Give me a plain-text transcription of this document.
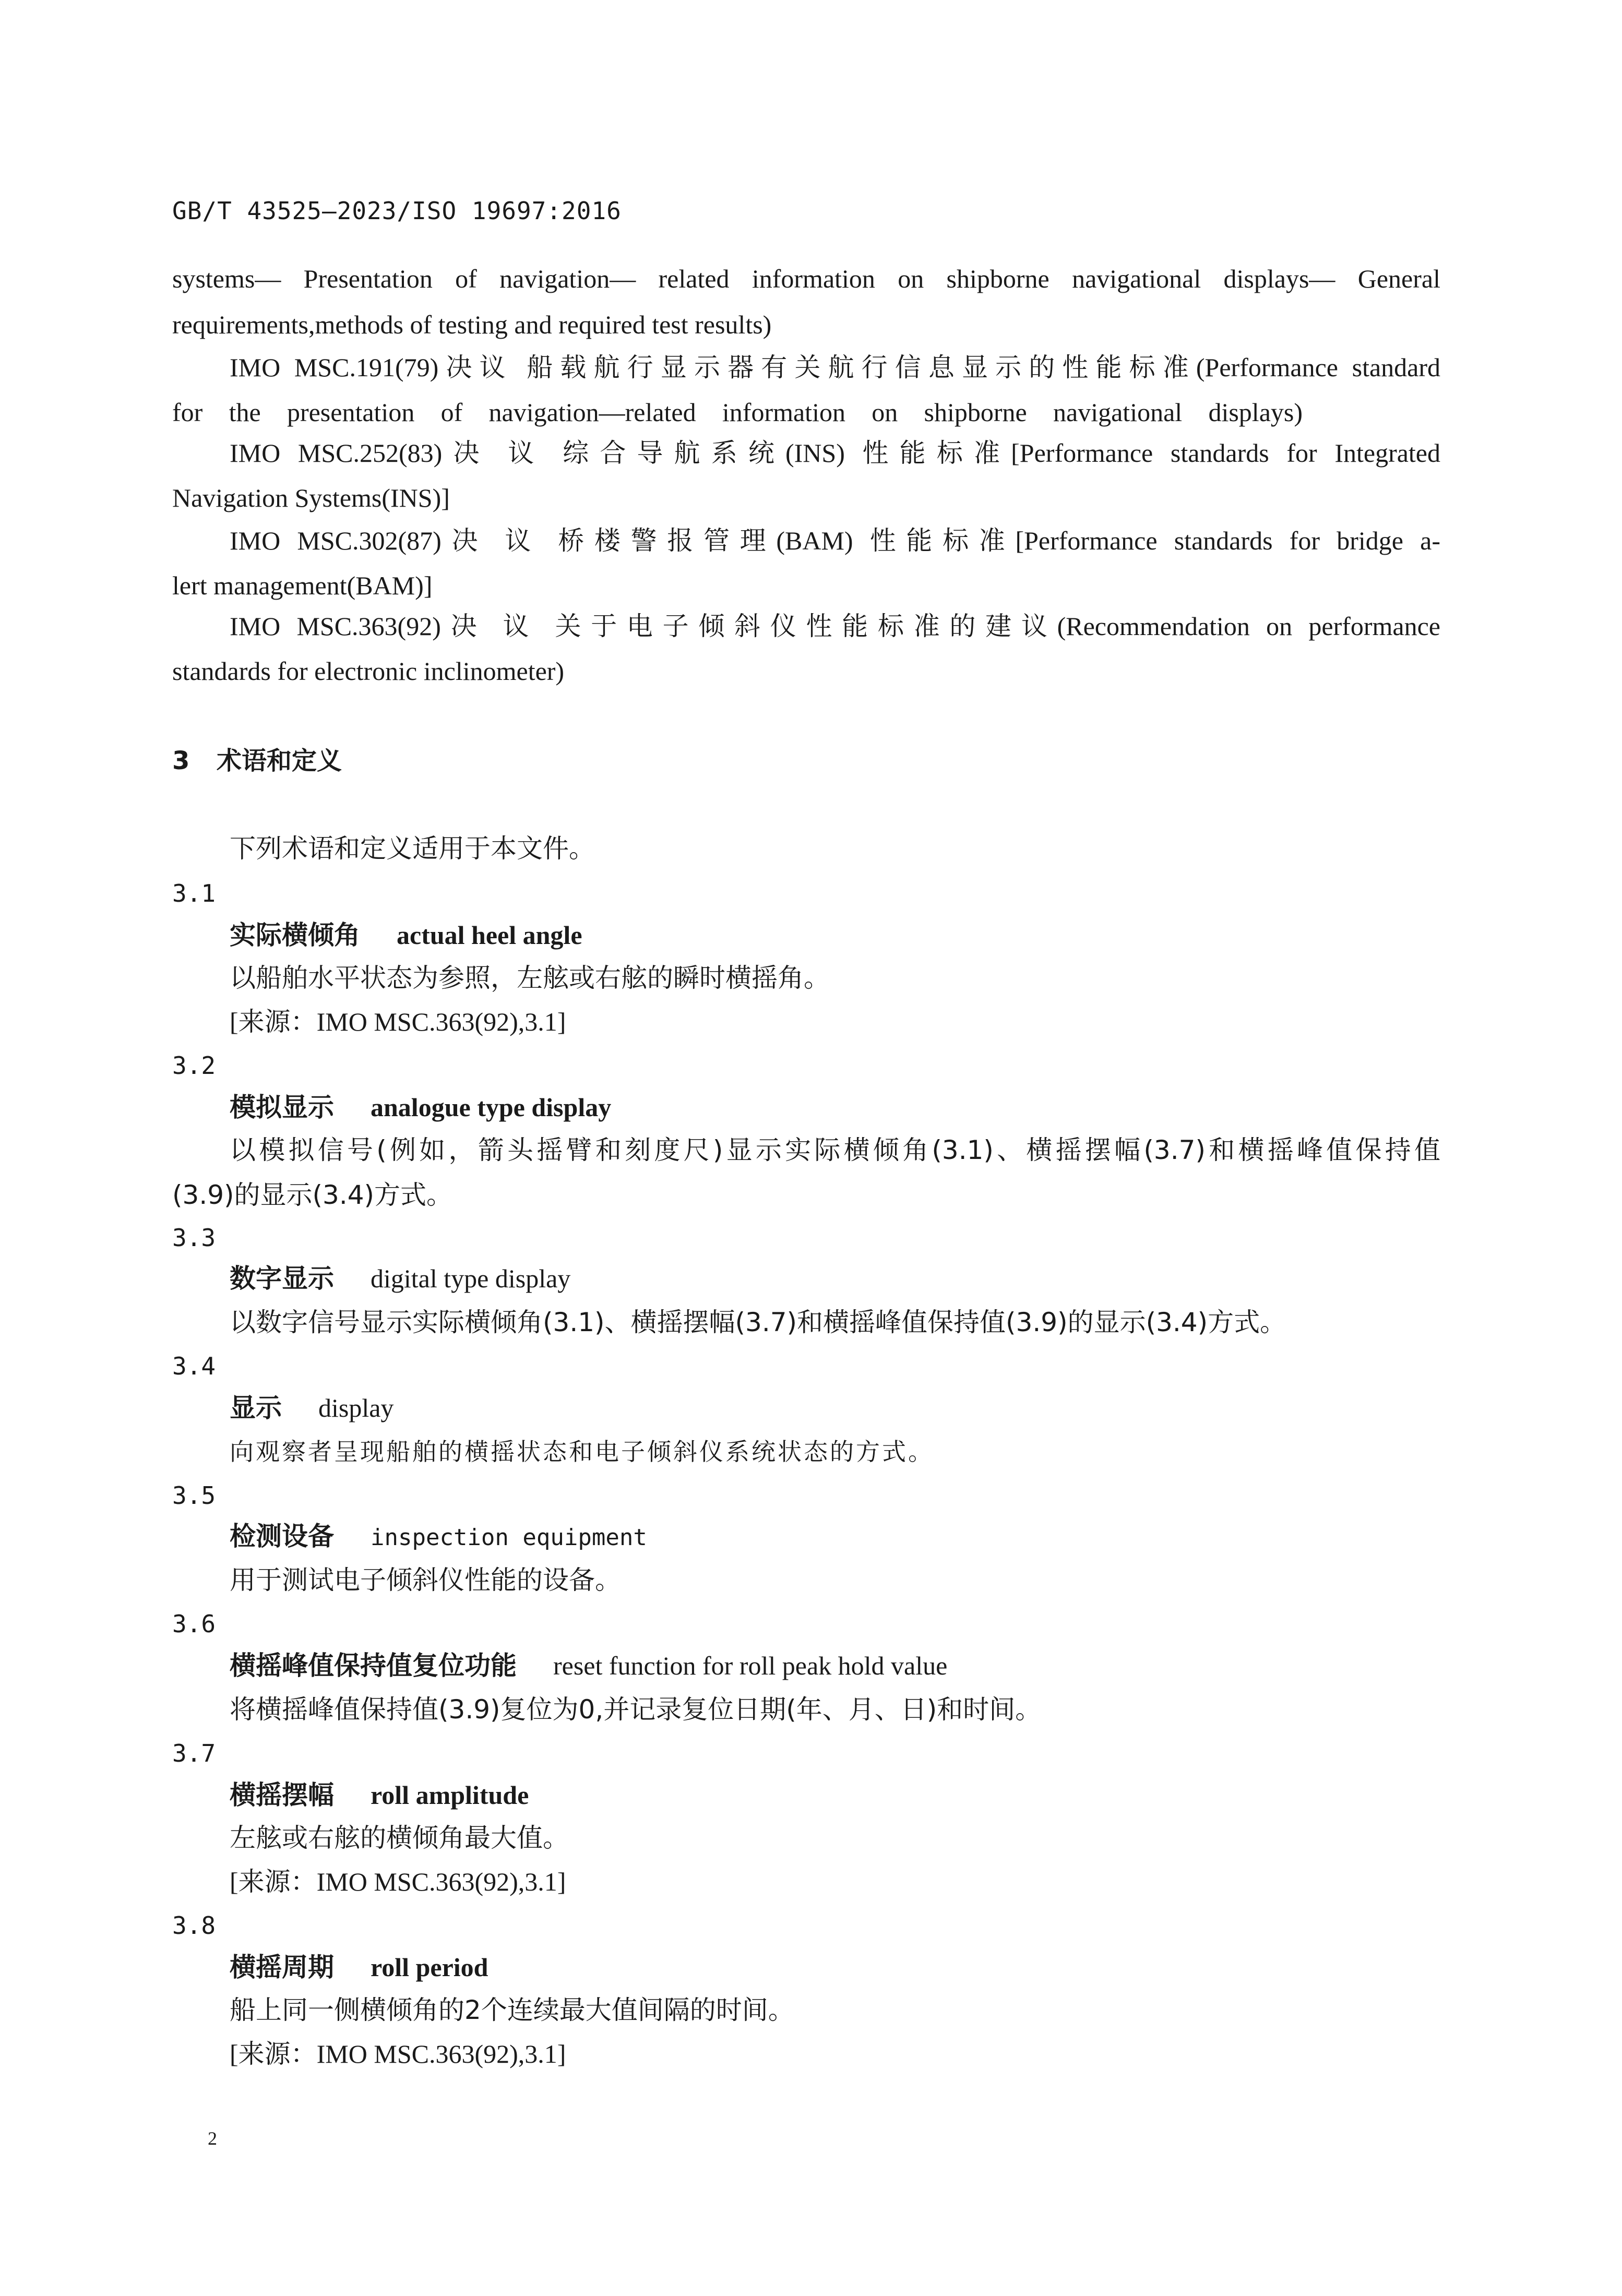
GB/T 43525—2023/ISO 19697:2016
systems— Presentation of navigation— related information on shipborne navigational displays— General
requirements,methods of testing and required test results)
IMO MSC.191(79)决议 船载航行显示器有关航行信息显示的性能标准(Performance standard
for the presentation of navigation—related information on shipborne navigational displays)
IMO MSC.252(83)决 议 综合导航系统(INS) 性能标准[Performance standards for Integrated
Navigation Systems(INS)]
IMO MSC.302(87)决 议 桥楼警报管理(BAM) 性能标准[Performance standards for bridge a-
lert management(BAM)]
IMO MSC.363(92)决 议 关于电子倾斜仪性能标准的建议(Recommendation on performance
standards for electronic inclinometer)
3 术语和定义
下列术语和定义适用于本文件。
3.1
实际横倾角 actual heel angle
以船舶水平状态为参照，左舷或右舷的瞬时横摇角。
[来源：IMO MSC.363(92),3.1]
3.2
模拟显示 analogue type display
以模拟信号(例如，箭头摇臂和刻度尺)显示实际横倾角(3.1)、横摇摆幅(3.7)和横摇峰值保持值
(3.9)的显示(3.4)方式。
3.3
数字显示 digital type display
以数字信号显示实际横倾角(3.1)、横摇摆幅(3.7)和横摇峰值保持值(3.9)的显示(3.4)方式。
3.4
显示 display
向观察者呈现船舶的横摇状态和电子倾斜仪系统状态的方式。
3.5
检测设备 inspection equipment
用于测试电子倾斜仪性能的设备。
3.6
横摇峰值保持值复位功能 reset function for roll peak hold value
将横摇峰值保持值(3.9)复位为0,并记录复位日期(年、月、日)和时间。
3.7
横摇摆幅 roll amplitude
左舷或右舷的横倾角最大值。
[来源：IMO MSC.363(92),3.1]
3.8
横摇周期 roll period
船上同一侧横倾角的2个连续最大值间隔的时间。
[来源：IMO MSC.363(92),3.1]
2
